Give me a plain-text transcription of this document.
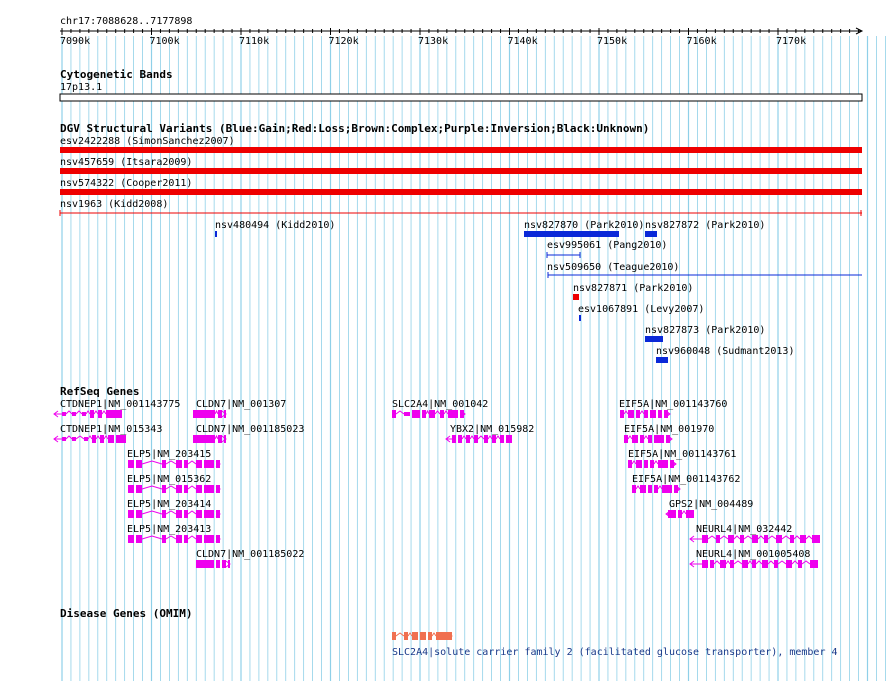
chr17:7088628..7177898
7090k	7100k	7110k	7120k	7130k	7140k	7150k	7160k	7170k
Cytogenetic Bands
17p13.1
DGV Structural Variants (Blue:Gain;Red:Loss;Brown:Complex;Purple:Inversion;Black:Unknown)
esv2422288 (SimonSanchez2007)
nsv457659 (Itsara2009)
nsv574322 (Cooper2011)
nsv1963 (Kidd2008)
nsv480494 (Kidd2010)	nsv827870 (Park2010) nsv827872 (Park2010)
esv995061 (Pang2010)
nsv509650 (Teague2010)
nsv827871 (Park2010)
esv1067891 (Levy2007)
nsv827873 (Park2010)
nsv960048 (Sudmant2013)
RefSeq Genes
CTDNEP1|NM_001143775 CLDN7|NM_001307	SLC2A4|NM_001042	EIF5A|NM_001143760
CTDNEP1|NM_015343	CLDN7|NM_001185023	YBX2|NM_015982	EIF5A|NM_001970
ELP5|NM_203415	EIF5A|NM_001143761
ELP5|NM_015362	EIF5A|NM_001143762
ELP5|NM_203414	GPS2|NM_004489
ELP5|NM_203413	NEURL4|NM_032442
CLDN7|NM_001185022	NEURL4|NM_001005408
Disease Genes (OMIM)
SLC2A4|solute carrier family 2 (facilitated glucose transporter), member 4
